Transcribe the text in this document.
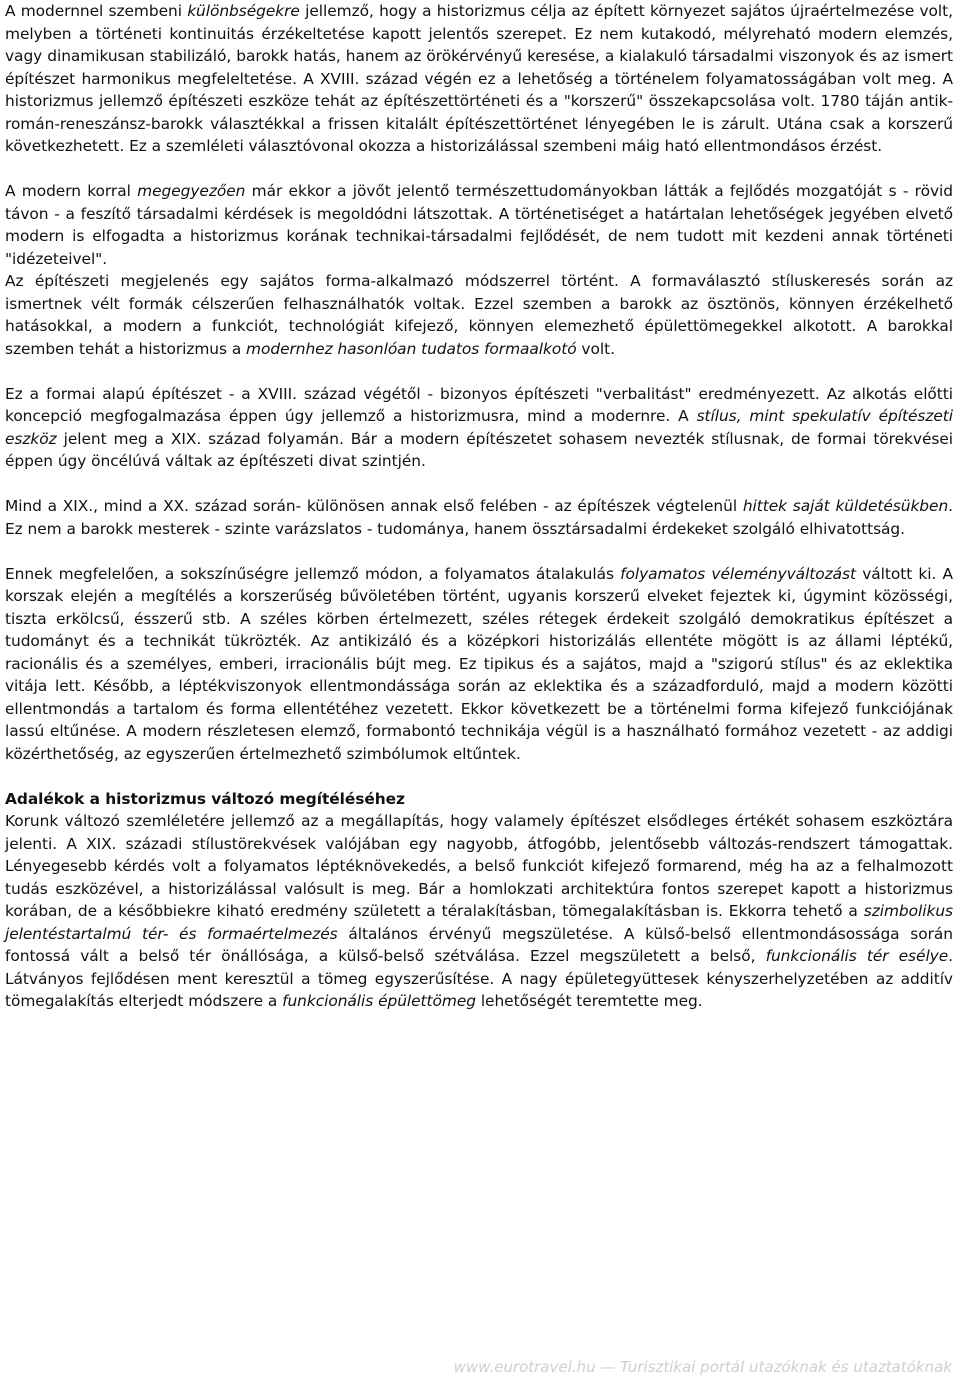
A modernnel szembeni különbségekre jellemző, hogy a historizmus célja az épített környezet sajátos újraértelmezése volt, melyben a történeti kontinuitás érzékeltetése kapott jelentős szerepet. Ez nem kutakodó, mélyreható modern elemzés, vagy dinamikusan stabilizáló, barokk hatás, hanem az örökérvényű keresése, a kialakuló társadalmi viszonyok és az ismert építészet harmonikus megfeleltetése. A XVIII. század végén ez a lehetőség a történelem folyamatosságában volt meg. A historizmus jellemző építészeti eszköze tehát az építészettörténeti és a "korszerű" összekapcsolása volt. 1780 táján antik-román-reneszánsz-barokk választékkal a frissen kitalált építészettörténet lényegében le is zárult. Utána csak a korszerű következhetett. Ez a szemléleti választóvonal okozza a historizálással szembeni máig ható ellentmondásos érzést.

A modern korral megegyezően már ekkor a jövőt jelentő természettudományokban látták a fejlődés mozgatóját s - rövid távon - a feszítő társadalmi kérdések is megoldódni látszottak. A történetiséget a határtalan lehetőségek jegyében elvető modern is elfogadta a historizmus korának technikai-társadalmi fejlődését, de nem tudott mit kezdeni annak történeti "idézeteivel".

Az építészeti megjelenés egy sajátos forma-alkalmazó módszerrel történt. A formaválasztó stíluskeresés során az ismertnek vélt formák célszerűen felhasználhatók voltak. Ezzel szemben a barokk az ösztönös, könnyen érzékelhető hatásokkal, a modern a funkciót, technológiát kifejező, könnyen elemezhető épülettömegekkel alkotott. A barokkal szemben tehát a historizmus a modernhez hasonlóan tudatos formaalkotó volt.

Ez a formai alapú építészet - a XVIII. század végétől - bizonyos építészeti "verbalitást" eredményezett. Az alkotás előtti koncepció megfogalmazása éppen úgy jellemző a historizmusra, mind a modernre. A stílus, mint spekulatív építészeti eszköz jelent meg a XIX. század folyamán. Bár a modern építészetet sohasem nevezték stílusnak, de formai törekvései éppen úgy öncélúvá váltak az építészeti divat szintjén.

Mind a XIX., mind a XX. század során- különösen annak első felében - az építészek végtelenül hittek saját küldetésükben. Ez nem a barokk mesterek - szinte varázslatos - tudománya, hanem össztársadalmi érdekeket szolgáló elhivatottság.

Ennek megfelelően, a sokszínűségre jellemző módon, a folyamatos átalakulás folyamatos véleményváltozást váltott ki. A korszak elején a megítélés a korszerűség bűvöletében történt, ugyanis korszerű elveket fejeztek ki, úgymint közösségi, tiszta erkölcsű, ésszerű stb. A széles körben értelmezett, széles rétegek érdekeit szolgáló demokratikus építészet a tudományt és a technikát tükrözték. Az antikizáló és a középkori historizálás ellentéte mögött is az állami léptékű, racionális és a személyes, emberi, irracionális bújt meg. Ez tipikus és a sajátos, majd a "szigorú stílus" és az eklektika vitája lett. Később, a léptékviszonyok ellentmondássága során az eklektika és a századforduló, majd a modern közötti ellentmondás a tartalom és forma ellentétéhez vezetett. Ekkor következett be a történelmi forma kifejező funkciójának lassú eltűnése. A modern részletesen elemző, formabontó technikája végül is a használható formához vezetett - az addigi közérthetőség, az egyszerűen értelmezhető szimbólumok eltűntek.

Adalékok a historizmus változó megítéléséhez

Korunk változó szemléletére jellemző az a megállapítás, hogy valamely építészet elsődleges értékét sohasem eszköztára jelenti. A XIX. századi stílustörekvések valójában egy nagyobb, átfogóbb, jelentősebb változás-rendszert támogattak. Lényegesebb kérdés volt a folyamatos léptéknövekedés, a belső funkciót kifejező formarend, még ha az a felhalmozott tudás eszközével, a historizálással valósult is meg. Bár a homlokzati architektúra fontos szerepet kapott a historizmus korában, de a későbbiekre kiható eredmény született a téralakításban, tömegalakításban is. Ekkorra tehető a szimbolikus jelentéstartalmú tér- és formaértelmezés általános érvényű megszületése. A külső-belső ellentmondásossága során fontossá vált a belső tér önállósága, a külső-belső szétválása. Ezzel megszületett a belső, funkcionális tér esélye. Látványos fejlődésen ment keresztül a tömeg egyszerűsítése. A nagy épületegyüttesek kényszerhelyzetében az additív tömegalakítás elterjedt módszere a funkcionális épülettömeg lehetőségét teremtette meg.

www.eurotravel.hu — Turisztikai portál utazóknak és utaztatóknak
